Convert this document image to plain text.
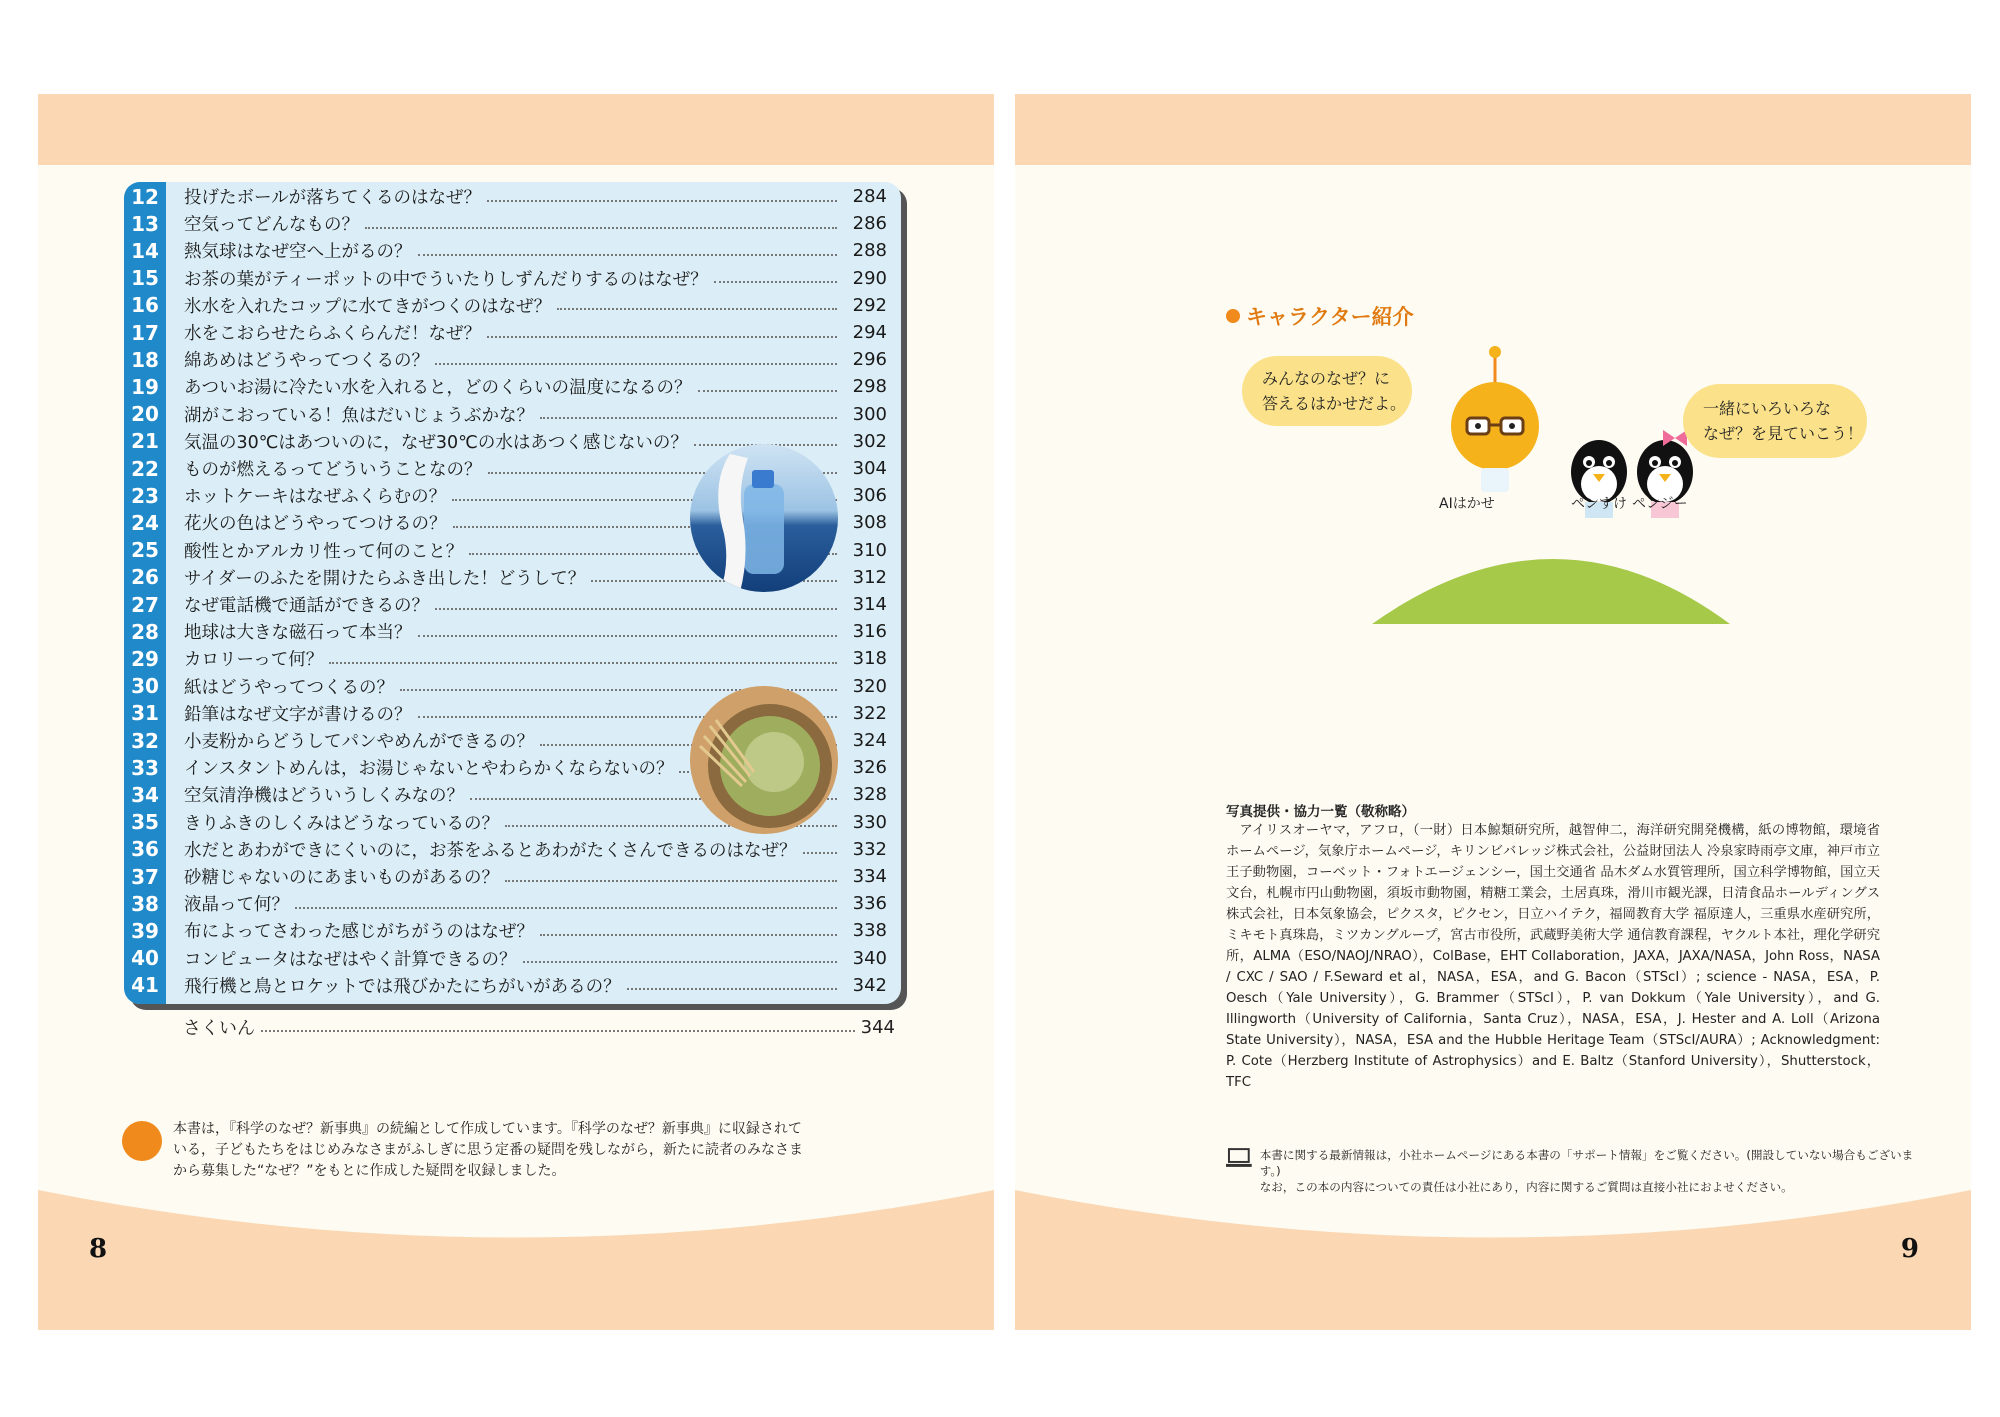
12	投げたボールが落ちてくるのはなぜ？	284
13	空気ってどんなもの？	286
14	熱気球はなぜ空へ上がるの？	288
15	お茶の葉がティーポットの中でういたりしずんだりするのはなぜ？	290
16	氷水を入れたコップに水てきがつくのはなぜ？	292
17	水をこおらせたらふくらんだ！なぜ？	294
18	綿あめはどうやってつくるの？	296
19	あついお湯に冷たい水を入れると，どのくらいの温度になるの？	298
20	湖がこおっている！魚はだいじょうぶかな？	300
21	気温の30℃はあついのに，なぜ30℃の水はあつく感じないの？	302
22	ものが燃えるってどういうことなの？	304
23	ホットケーキはなぜふくらむの？	306
24	花火の色はどうやってつけるの？	308
25	酸性とかアルカリ性って何のこと？	310
26	サイダーのふたを開けたらふき出した！どうして？	312
27	なぜ電話機で通話ができるの？	314
28	地球は大きな磁石って本当？	316
29	カロリーって何？	318
30	紙はどうやってつくるの？	320
31	鉛筆はなぜ文字が書けるの？	322
32	小麦粉からどうしてパンやめんができるの？	324
33	インスタントめんは，お湯じゃないとやわらかくならないの？	326
34	空気清浄機はどういうしくみなの？	328
35	きりふきのしくみはどうなっているの？	330
36	水だとあわができにくいのに，お茶をふるとあわがたくさんできるのはなぜ？	332
37	砂糖じゃないのにあまいものがあるの？	334
38	液晶って何？	336
39	布によってさわった感じがちがうのはなぜ？	338
40	コンピュータはなぜはやく計算できるの？	340
41	飛行機と鳥とロケットでは飛びかたにちがいがあるの？	342
さくいん	344
本書は，『科学のなぜ？新事典』の続編として作成しています。『科学のなぜ？新事典』に収録されている，子どもたちをはじめみなさまがふしぎに思う定番の疑問を残しながら，新たに読者のみなさまから募集した“なぜ？”をもとに作成した疑問を収録しました。
8
キャラクター紹介
みんなのなぜ？に
答えるはかせだよ。	一緒にいろいろな
なぜ？を見ていこう！
AIはかせ	ペンすけ ペンジー
写真提供・協力一覧（敬称略）
　アイリスオーヤマ，アフロ，（一財）日本鯨類研究所，越智伸二，海洋研究開発機構，紙の博物館，環境省ホームページ，気象庁ホームページ，キリンビバレッジ株式会社，公益財団法人 冷泉家時雨亭文庫，神戸市立王子動物園，コーベット・フォトエージェンシー，国土交通省 品木ダム水質管理所，国立科学博物館，国立天文台，札幌市円山動物園，須坂市動物園，精糖工業会，土居真珠，滑川市観光課，日清食品ホールディングス株式会社，日本気象協会，ピクスタ，ピクセン，日立ハイテク，福岡教育大学 福原達人，三重県水産研究所，ミキモト真珠島，ミツカングループ，宮古市役所，武蔵野美術大学 通信教育課程，ヤクルト本社，理化学研究所，ALMA（ESO/NAOJ/NRAO），ColBase，EHT Collaboration，JAXA，JAXA/NASA，John Ross，NASA / CXC / SAO / F.Seward et al，NASA，ESA，and G. Bacon（STScI）; science - NASA，ESA，P. Oesch（Yale University），G. Brammer（STScI），P. van Dokkum（Yale University），and G. Illingworth（University of California，Santa Cruz），NASA，ESA，J. Hester and A. Loll（Arizona State University），NASA，ESA and the Hubble Heritage Team（STScI/AURA）; Acknowledgment: P. Cote（Herzberg Institute of Astrophysics）and E. Baltz（Stanford University），Shutterstock，TFC
本書に関する最新情報は，小社ホームページにある本書の「サポート情報」をご覧ください。(開設していない場合もございます。)
なお，この本の内容についての責任は小社にあり，内容に関するご質問は直接小社におよせください。
9
